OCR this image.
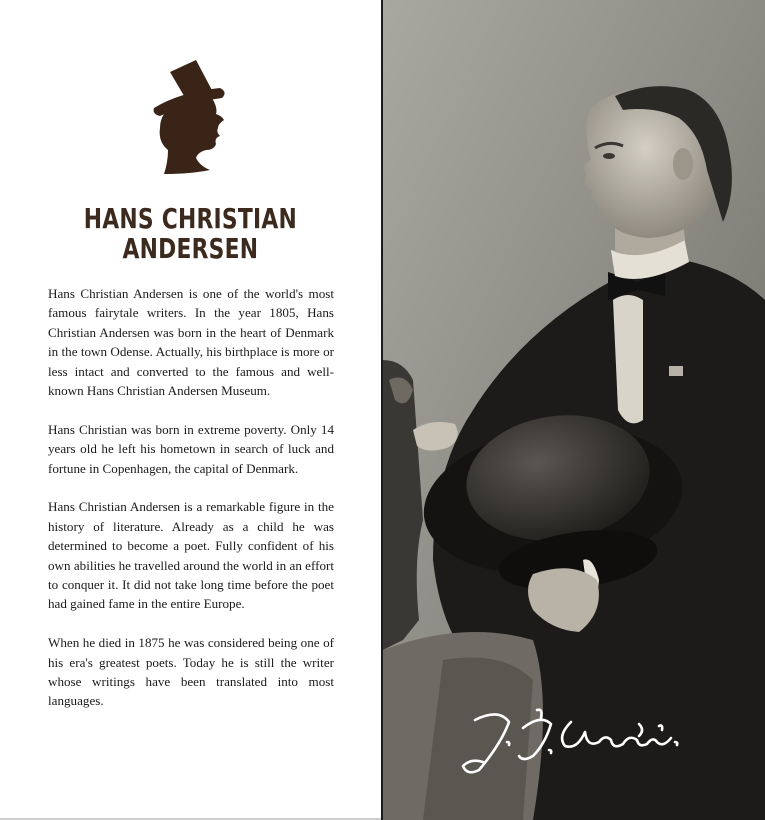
HANS CHRISTIAN
ANDERSEN

Hans Christian Andersen is one of the world's most famous fairytale writers. In the year 1805, Hans Christian Andersen was born in the heart of Denmark in the town Odense. Actually, his birthplace is more or less intact and converted to the famous and well-known Hans Christian Andersen Museum.

Hans Christian was born in extreme poverty. Only 14 years old he left his hometown in search of luck and fortune in Copenhagen, the capital of Denmark.

Hans Christian Andersen is a remarkable figure in the history of literature. Already as a child he was determined to become a poet. Fully confident of his own abilities he travelled around the world in an effort to conquer it. It did not take long time before the poet had gained fame in the entire Europe.

When he died in 1875 he was considered being one of his era's greatest poets. Today he is still the writer whose writings have been translated into most languages.
